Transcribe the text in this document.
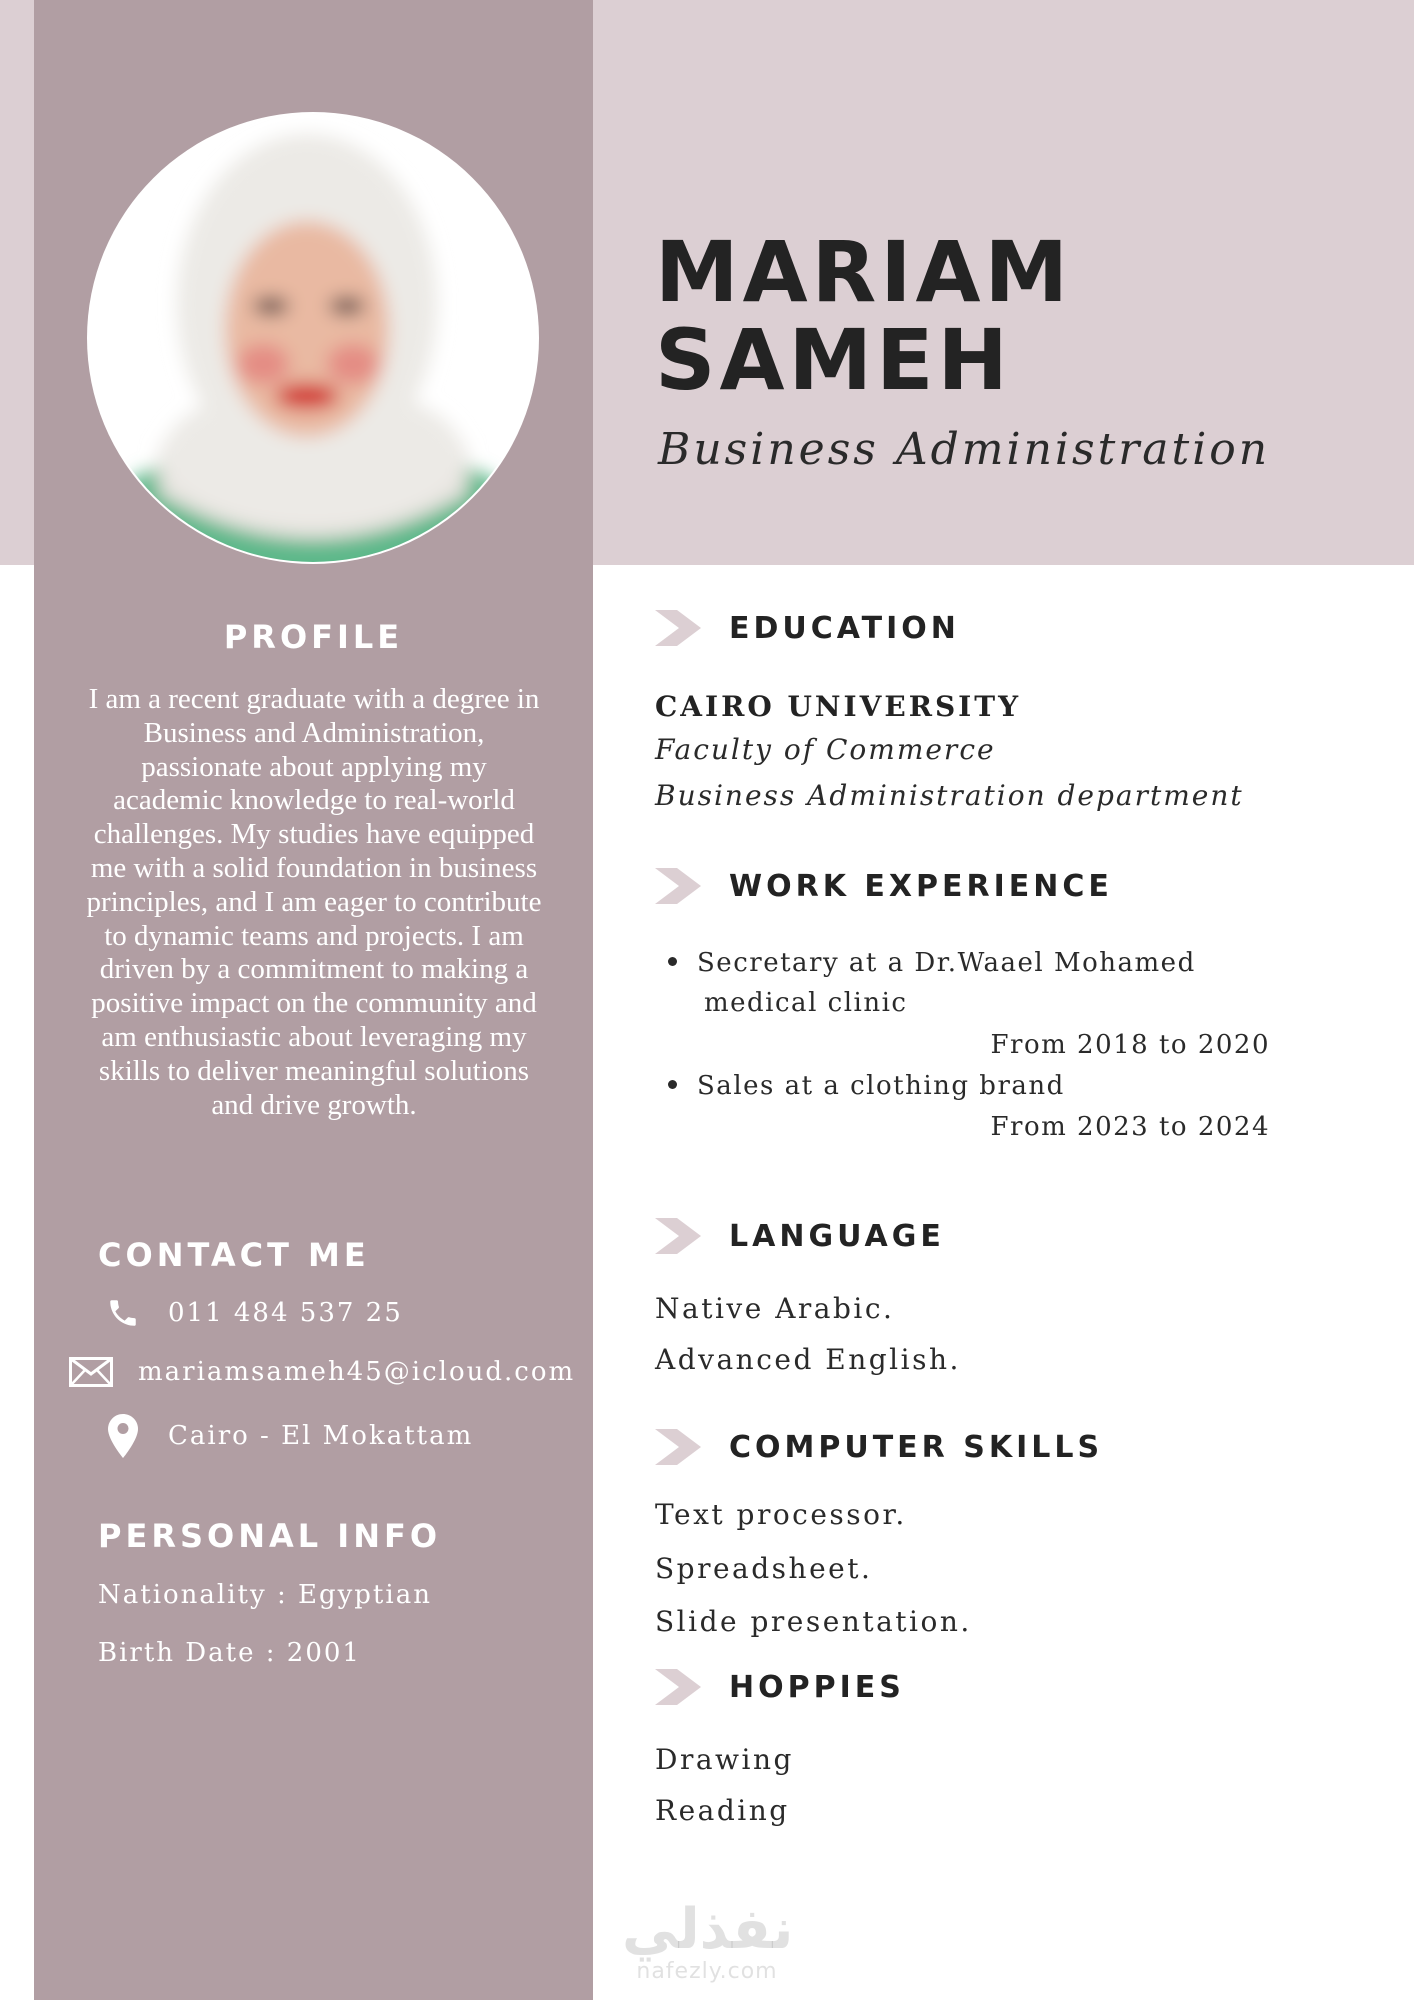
MARIAM
SAMEH
Business Administration
PROFILE

I am a recent graduate with a degree in Business and Administration, passionate about applying my academic knowledge to real-world challenges. My studies have equipped me with a solid foundation in business principles, and I am eager to contribute to dynamic teams and projects. I am driven by a commitment to making a positive impact on the community and am enthusiastic about leveraging my skills to deliver meaningful solutions and drive growth.

CONTACT ME
011 484 537 25
mariamsameh45@icloud.com
Cairo - El Mokattam
PERSONAL INFO
Nationality : Egyptian
Birth Date : 2001
EDUCATION
CAIRO UNIVERSITY
Faculty of Commerce
Business Administration department
WORK EXPERIENCE
Secretary at a Dr.Waael Mohamed
medical clinic
From 2018 to 2020
Sales at a clothing brand
From 2023 to 2024
LANGUAGE
Native Arabic.
Advanced English.
COMPUTER SKILLS
Text processor.
Spreadsheet.
Slide presentation.
HOPPIES
Drawing
Reading
نفذلي
nafezly.com
